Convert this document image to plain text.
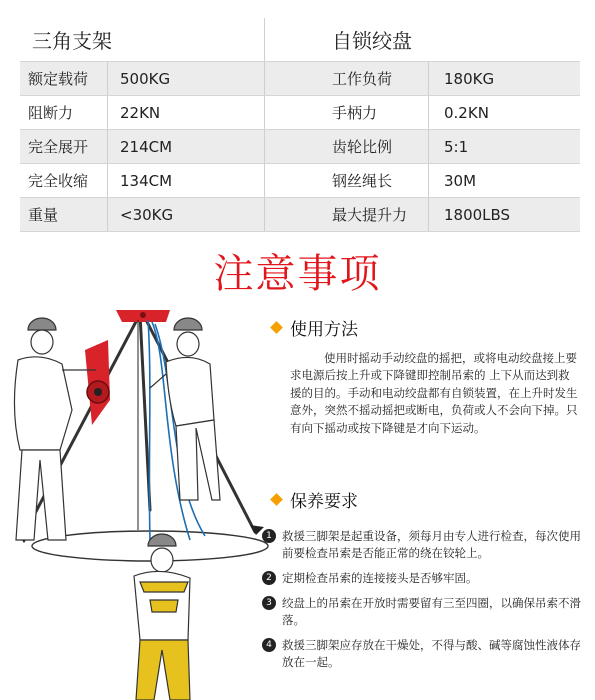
三角支架	自锁绞盘
额定载荷 500KG	工作负荷	180KG
阻断力	22KN	手柄力	0.2KN
完全展开 214CM	齿轮比例	5:1
完全收缩 134CM	钢丝绳长	30M
重量	<30KG	最大提升力 1800LBS
注意事项
使用方法
使用时摇动手动绞盘的摇把，或将电动绞盘接上要求电源后按上升或下降键即控制吊索的 上下从而达到救援的目的。手动和电动绞盘都有自锁装置，在上升时发生意外，突然不摇动摇把或断电，负荷或人不会向下掉。只有向下摇动或按下降键是才向下运动。
保养要求
1 救援三脚架是起重设备，须每月由专人进行检查，每次使用前要检查吊索是否能正常的绕在铰轮上。
2 定期检查吊索的连接接头是否够牢固。
3 绞盘上的吊索在开放时需要留有三至四圈，以确保吊索不滑落。
4 救援三脚架应存放在干燥处，不得与酸、碱等腐蚀性液体存放在一起。
